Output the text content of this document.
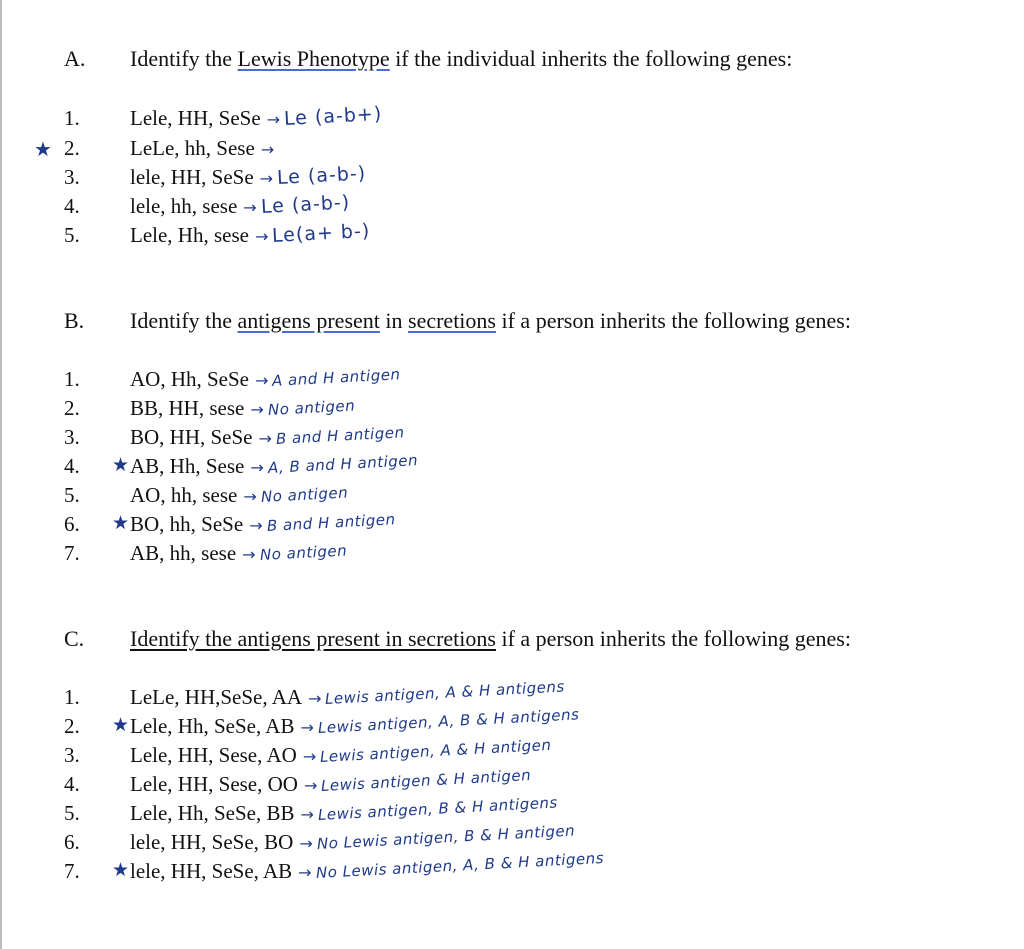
A. Identify the Lewis Phenotype if the individual inherits the following genes:
1. Lele, HH, SeSe → Le (a-b+)
★ 2. LeLe, hh, Sese →
3. lele, HH, SeSe → Le (a-b-)
4. lele, hh, sese → Le (a-b-)
5. Lele, Hh, sese → Le(a+ b-)
B. Identify the antigens present in secretions if a person inherits the following genes:
1. AO, Hh, SeSe → A and H antigen
2. BB, HH, sese → No antigen
3. BO, HH, SeSe → B and H antigen
★
4. AB, Hh, Sese → A, B and H antigen
5. AO, hh, sese → No antigen
★
6. BO, hh, SeSe → B and H antigen
7. AB, hh, sese → No antigen
C. Identify the antigens present in secretions if a person inherits the following genes:
1. LeLe, HH,SeSe, AA → Lewis antigen, A & H antigens
★
2. Lele, Hh, SeSe, AB → Lewis antigen, A, B & H antigens
3. Lele, HH, Sese, AO → Lewis antigen, A & H antigen
4. Lele, HH, Sese, OO → Lewis antigen & H antigen
5. Lele, Hh, SeSe, BB → Lewis antigen, B & H antigens
6. lele, HH, SeSe, BO → No Lewis antigen, B & H antigen
★
7. lele, HH, SeSe, AB → No Lewis antigen, A, B & H antigens
